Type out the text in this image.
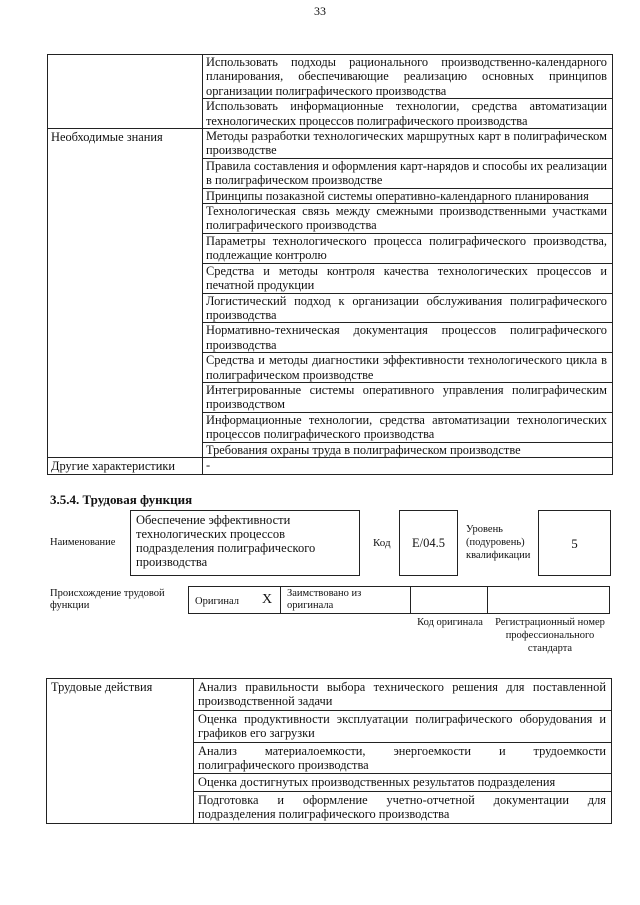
33
	Использовать подходы рационального производственно-календарного планирования, обеспечивающие реализацию основных принципов организации полиграфического производства
	Использовать информационные технологии, средства автоматизации технологических процессов полиграфического производства
Необходимые знания	Методы разработки технологических маршрутных карт в полиграфическом производстве
	Правила составления и оформления карт-нарядов и способы их реализации в полиграфическом производстве
	Принципы позаказной системы оперативно-календарного планирования
	Технологическая связь между смежными производственными участками полиграфического производства
	Параметры технологического процесса полиграфического производства, подлежащие контролю
	Средства и методы контроля качества технологических процессов и печатной продукции
	Логистический подход к организации обслуживания полиграфического производства
	Нормативно-техническая документация процессов полиграфического производства
	Средства и методы диагностики эффективности технологического цикла в полиграфическом производстве
	Интегрированные системы оперативного управления полиграфическим производством
	Информационные технологии, средства автоматизации технологических процессов полиграфического производства
	Требования охраны труда в полиграфическом производстве
Другие характеристики	-
3.5.4. Трудовая функция
Наименование
Обеспечение эффективности технологических процессов подразделения полиграфического производства
Код	E/04.5
Уровень (подуровень) квалификации
5
Происхождение трудовой функции	Оригинал X Заимствовано из оригинала
Код оригинала	Регистрационный номер профессионального стандарта
Трудовые действия	Анализ правильности выбора технического решения для поставленной производственной задачи
Оценка продуктивности эксплуатации полиграфического оборудования и графиков его загрузки
Анализ материалоемкости, энергоемкости и трудоемкости полиграфического производства
Оценка достигнутых производственных результатов подразделения
Подготовка и оформление учетно-отчетной документации для подразделения полиграфического производства
